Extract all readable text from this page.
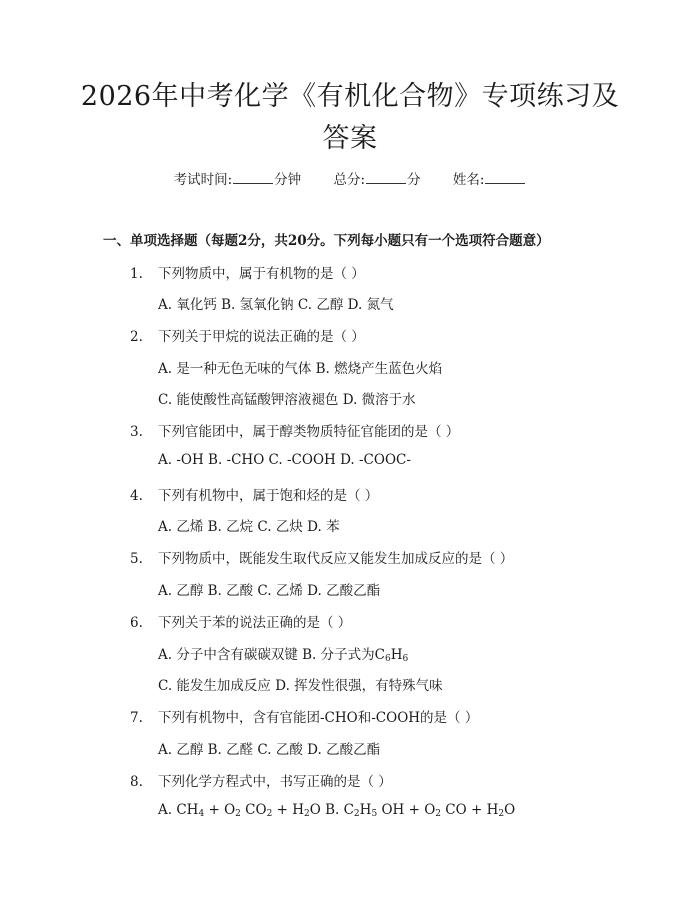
2026年中考化学《有机化合物》专项练习及
答案
考试时间:	分钟 总分:	分 姓名:
一、单项选择题（每题2分，共20分。下列每小题只有一个选项符合题意）
1. 下列物质中，属于有机物的是（ ）
A. 氧化钙 B. 氢氧化钠 C. 乙醇 D. 氮气
2. 下列关于甲烷的说法正确的是（ ）
A. 是一种无色无味的气体 B. 燃烧产生蓝色火焰
C. 能使酸性高锰酸钾溶液褪色 D. 微溶于水
3. 下列官能团中，属于醇类物质特征官能团的是（ ）
A. -OH B. -CHO C. -COOH D. -COOC-
4. 下列有机物中，属于饱和烃的是（ ）
A. 乙烯 B. 乙烷 C. 乙炔 D. 苯
5. 下列物质中，既能发生取代反应又能发生加成反应的是（ ）
A. 乙醇 B. 乙酸 C. 乙烯 D. 乙酸乙酯
6. 下列关于苯的说法正确的是（ ）
A. 分子中含有碳碳双键 B. 分子式为$C_6H_6$
C. 能发生加成反应 D. 挥发性很强，有特殊气味
7. 下列有机物中，含有官能团-CHO和-COOH的是（ ）
A. 乙醇 B. 乙醛 C. 乙酸 D. 乙酸乙酯
8. 下列化学方程式中，书写正确的是（ ）
A. $CH_4 + O_2$ $CO_2 + H_2O$ B. $C_2H_5$ OH + $O_2$ CO + $H_2O$
